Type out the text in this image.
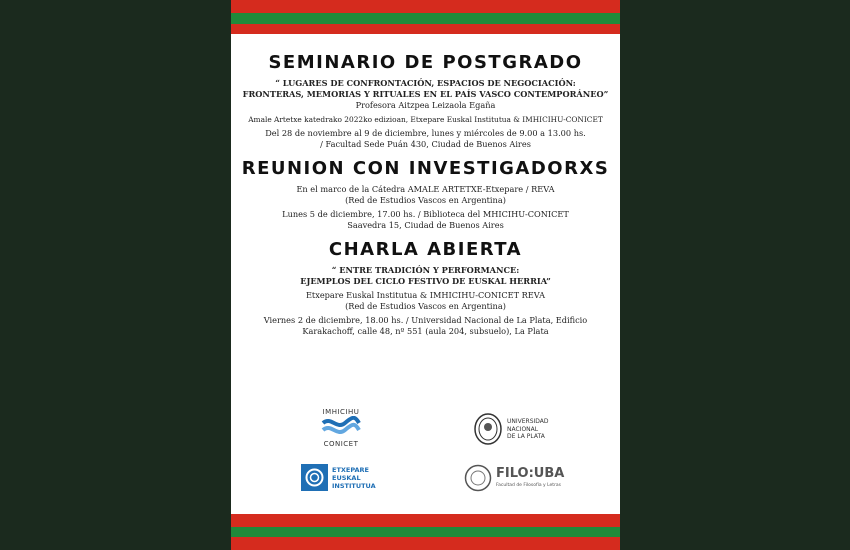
SEMINARIO DE POSTGRADO
“ LUGARES DE CONFRONTACIÓN, ESPACIOS DE NEGOCIACIÓN:
FRONTERAS, MEMORIAS Y RITUALES EN EL PAÍS VASCO CONTEMPORÁNEO”
Profesora Aitzpea Leizaola Egaña
Amale Artetxe katedrako 2022ko edizioan, Etxepare Euskal Institutua & IMHICIHU-CONICET
Del 28 de noviembre al 9 de diciembre, lunes y miércoles de 9.00 a 13.00 hs.
/ Facultad Sede Puán 430, Ciudad de Buenos Aires
REUNION CON INVESTIGADORXS
En el marco de la Cátedra AMALE ARTETXE-Etxepare / REVA
(Red de Estudios Vascos en Argentina)
Lunes 5 de diciembre, 17.00 hs. / Biblioteca del MHICIHU-CONICET
Saavedra 15, Ciudad de Buenos Aires
CHARLA ABIERTA
“ ENTRE TRADICIÓN Y PERFORMANCE:
EJEMPLOS DEL CICLO FESTIVO DE EUSKAL HERRIA”
Etxepare Euskal Institutua & IMHICIHU-CONICET REVA
(Red de Estudios Vascos en Argentina)
Viernes 2 de diciembre, 18.00 hs. / Universidad Nacional de La Plata, Edificio
Karakachoff, calle 48, nº 551 (aula 204, subsuelo), La Plata
IMHICIHU
CONICET
UNIVERSIDAD
NACIONAL
DE LA PLATA
ETXEPARE
EUSKAL
INSTITUTUA
FILO:UBA
Facultad de Filosofía y Letras
